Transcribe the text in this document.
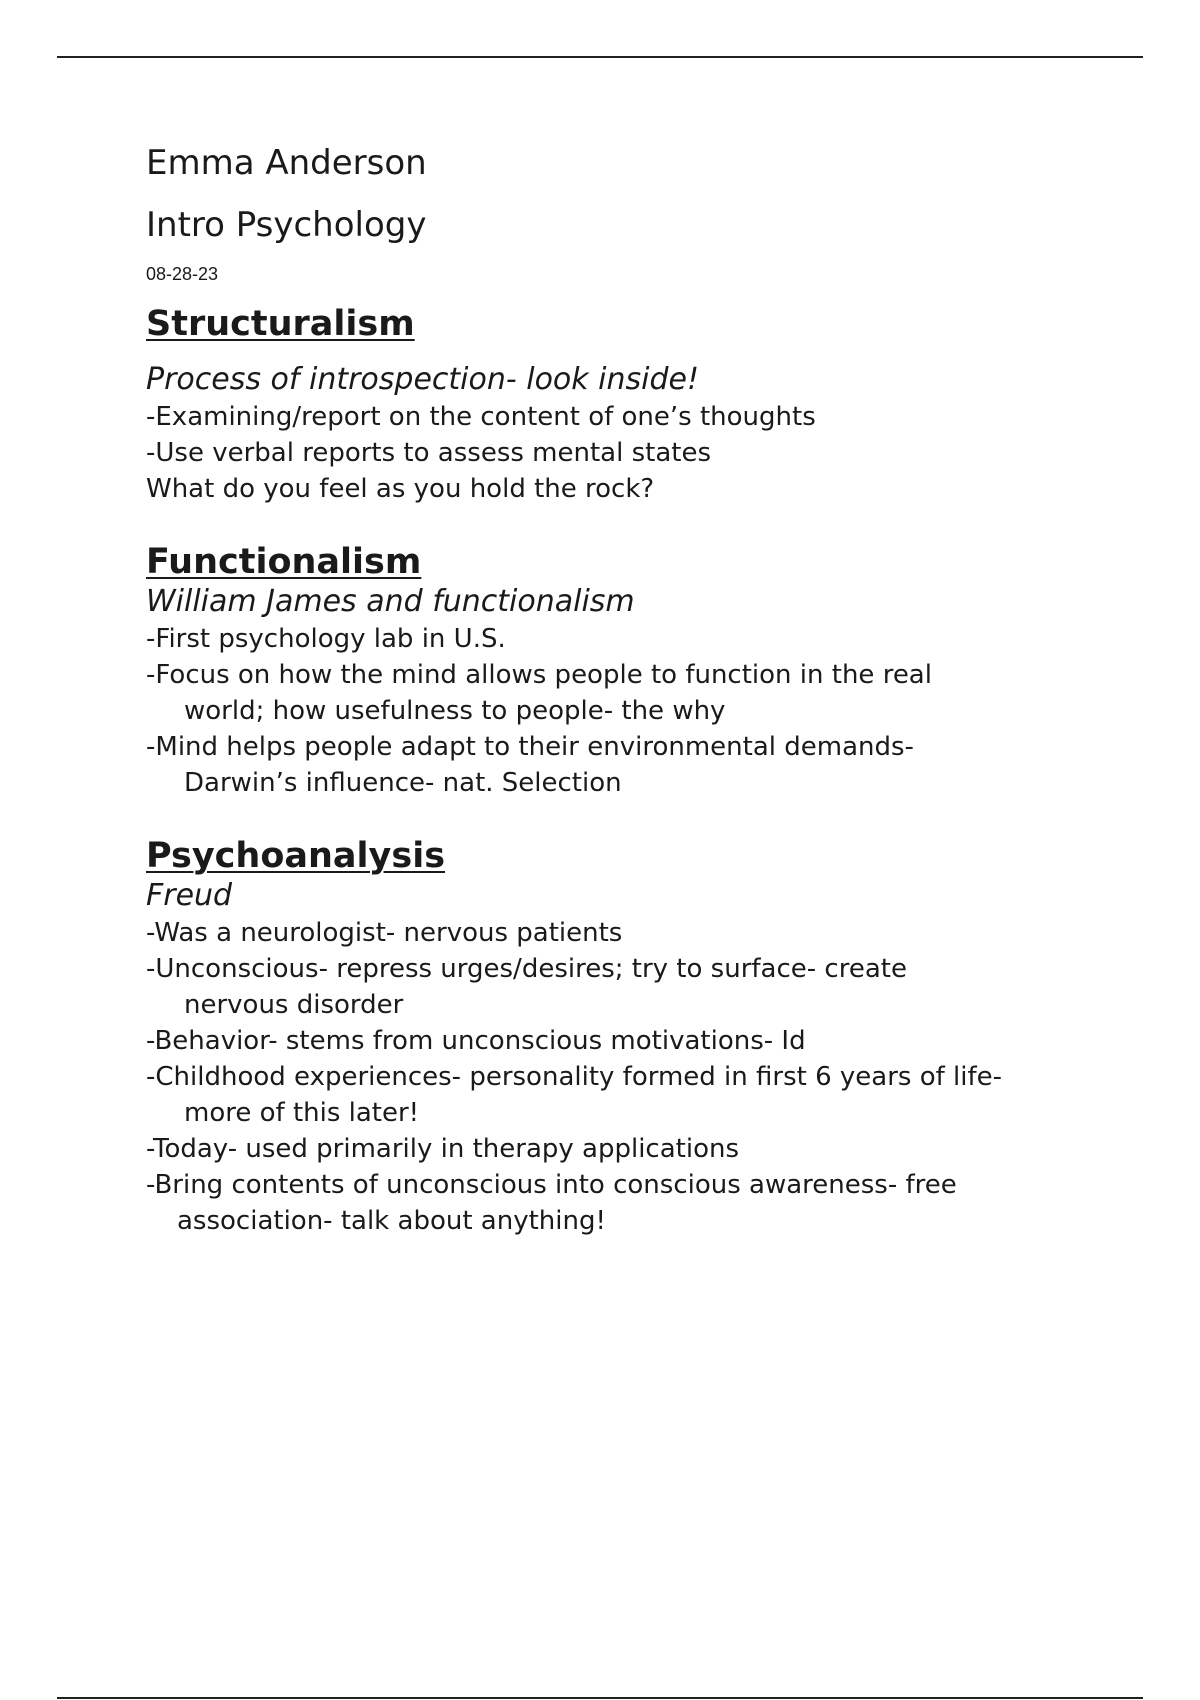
Emma Anderson

Intro Psychology

08-28-23

Structuralism

Process of introspection- look inside!

-Examining/report on the content of one’s thoughts

-Use verbal reports to assess mental states

What do you feel as you hold the rock?

Functionalism

William James and functionalism

-First psychology lab in U.S.

-Focus on how the mind allows people to function in the real

world; how usefulness to people- the why

-Mind helps people adapt to their environmental demands-

Darwin’s influence- nat. Selection

Psychoanalysis

Freud

-Was a neurologist- nervous patients

-Unconscious- repress urges/desires; try to surface- create

nervous disorder

-Behavior- stems from unconscious motivations- Id

-Childhood experiences- personality formed in first 6 years of life-

more of this later!

-Today- used primarily in therapy applications

-Bring contents of unconscious into conscious awareness- free

association- talk about anything!
